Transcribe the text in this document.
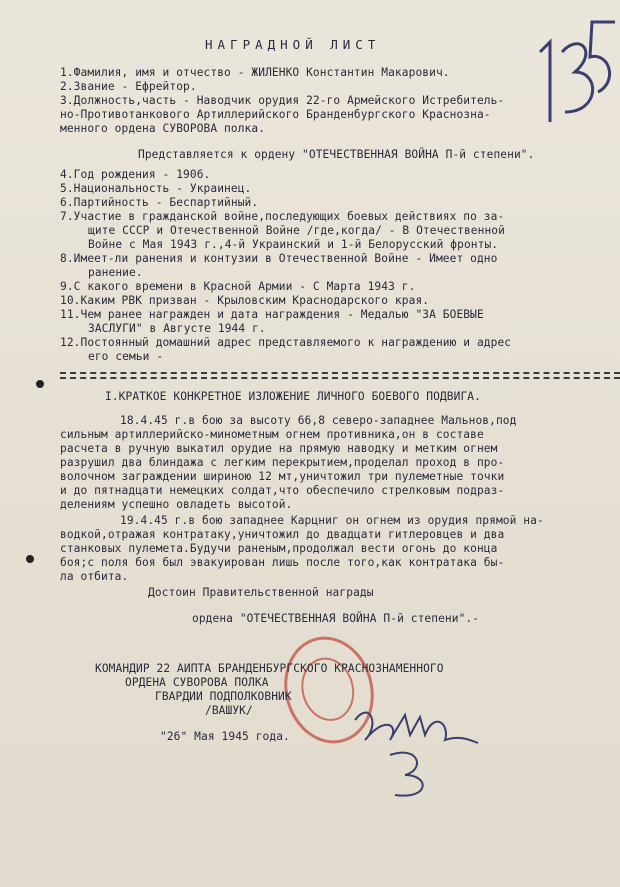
НАГРАДНОЙ ЛИСТ
1.Фамилия, имя и отчество - ЖИЛЕНКО Константин Макарович.
2.Звание - Ефрейтор.
3.Должность,часть - Наводчик орудия 22-го Армейского Истребитель-
но-Противотанкового Артиллерийского Бранденбургского Краснозна-
менного ордена СУВОРОВА полка.
Представляется к ордену "ОТЕЧЕСТВЕННАЯ ВОЙНА П-й степени".
4.Год рождения - 1906.
5.Национальность - Украинец.
6.Партийность - Беспартийный.
7.Участие в гражданской войне,последующих боевых действиях по за-
щите СССР и Отечественной Войне /где,когда/ - В Отечественной
Войне с Мая 1943 г.,4-й Украинский и 1-й Белорусский фронты.
8.Имеет-ли ранения и контузии в Отечественной Войне - Имеет одно
ранение.
9.С какого времени в Красной Армии - С Марта 1943 г.
10.Каким РВК призван - Крыловским Краснодарского края.
11.Чем ранее награжден и дата награждения - Медалью "ЗА БОЕВЫЕ
ЗАСЛУГИ" в Августе 1944 г.
12.Постоянный домашний адрес представляемого к награждению и адрес
его семьи -
I.КРАТКОЕ КОНКРЕТНОЕ ИЗЛОЖЕНИЕ ЛИЧНОГО БОЕВОГО ПОДВИГА.
18.4.45 г.в бою за высоту 66,8 северо-западнее Мальнов,под
сильным артиллерийско-минометным огнем противника,он в составе
расчета в ручную выкатил орудие на прямую наводку и метким огнем
разрушил два блиндажа с легким перекрытием,проделал проход в про-
волочном заграждении шириною 12 мт,уничтожил три пулеметные точки
и до пятнадцати немецких солдат,что обеспечило стрелковым подраз-
делениям успешно овладеть высотой.
19.4.45 г.в бою западнее Карцниг он огнем из орудия прямой на-
водкой,отражая контратаку,уничтожил до двадцати гитлеровцев и два
станковых пулемета.Будучи раненым,продолжал вести огонь до конца
боя;с поля боя был эвакуирован лишь после того,как контратака бы-
ла отбита.
Достоин Правительственной награды
ордена "ОТЕЧЕСТВЕННАЯ ВОЙНА П-й степени".-
КОМАНДИР 22 АИПТА БРАНДЕНБУРГСКОГО КРАСНОЗНАМЕННОГО
ОРДЕНА СУВОРОВА ПОЛКА
ГВАРДИИ ПОДПОЛКОВНИК
/ВАШУК/
"26" Мая 1945 года.
